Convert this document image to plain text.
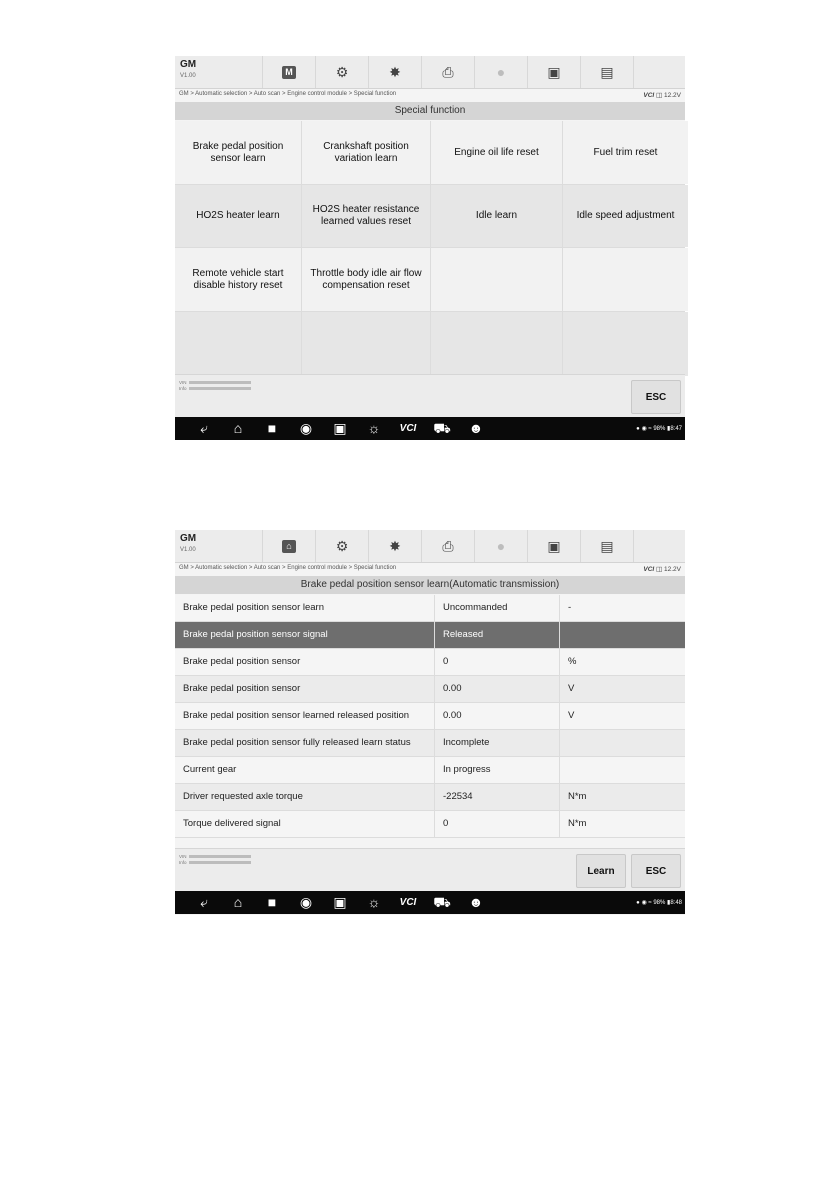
GM
V1.00	M	⚙︎	✸	⎙	●	▣	▤
GM > Automatic selection > Auto scan > Engine control module > Special function	VCI ◫ 12.2V
Special function
Brake pedal position sensor learn
Crankshaft position variation learn
Engine oil life reset	Fuel trim reset
HO2S heater learn
HO2S heater resistance learned values reset
Idle learn	Idle speed adjustment
Remote vehicle start disable history reset
Throttle body idle air flow compensation reset
VIN
Info
ESC
⤶	⌂	■	◉	▣	☼	VCI	⛟	☻	● ◉ ≈ 98% ▮8:47
GM
V1.00	⌂	⚙︎	✸	⎙	●	▣	▤
GM > Automatic selection > Auto scan > Engine control module > Special function	VCI ◫ 12.2V
Brake pedal position sensor learn(Automatic transmission)
Brake pedal position sensor learn	Uncommanded	-
Brake pedal position sensor signal	Released
Brake pedal position sensor	0	%
Brake pedal position sensor	0.00	V
Brake pedal position sensor learned released position	0.00	V
Brake pedal position sensor fully released learn status	Incomplete
Current gear	In progress
Driver requested axle torque	-22534	N*m
Torque delivered signal	0	N*m
VIN
Info
Learn	ESC
⤶	⌂	■	◉	▣	☼	VCI	⛟	☻	● ◉ ≈ 98% ▮8:48
